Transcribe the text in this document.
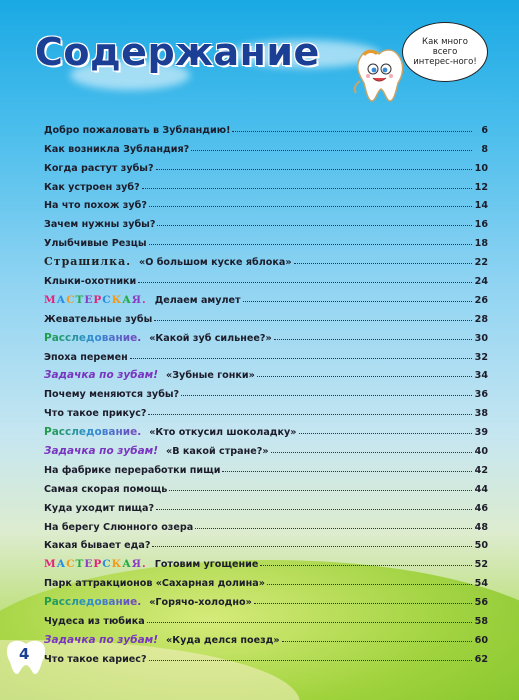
Содержание	Как много всего интерес-ного!
Добро пожаловать в Зубландию!	6
Как возникла Зубландия?	8
Когда растут зубы?	10
Как устроен зуб?	12
На что похож зуб?	14
Зачем нужны зубы?	16
Улыбчивые Резцы	18
Страшилка. «О большом куске яблока»	22
Клыки-охотники	24
МАСТЕРСКАЯ. Делаем амулет	26
Жевательные зубы	28
Расследование. «Какой зуб сильнее?»	30
Эпоха перемен	32
Задачка по зубам! «Зубные гонки»	34
Почему меняются зубы?	36
Что такое прикус?	38
Расследование. «Кто откусил шоколадку»	39
Задачка по зубам! «В какой стране?»	40
На фабрике переработки пищи	42
Самая скорая помощь	44
Куда уходит пища?	46
На берегу Слюнного озера	48
Какая бывает еда?	50
МАСТЕРСКАЯ. Готовим угощение	52
Парк аттракционов «Сахарная долина»	54
Расследование. «Горячо-холодно»	56
Чудеса из тюбика	58
Задачка по зубам! «Куда делся поезд»	60
Что такое кариес?	62
4
